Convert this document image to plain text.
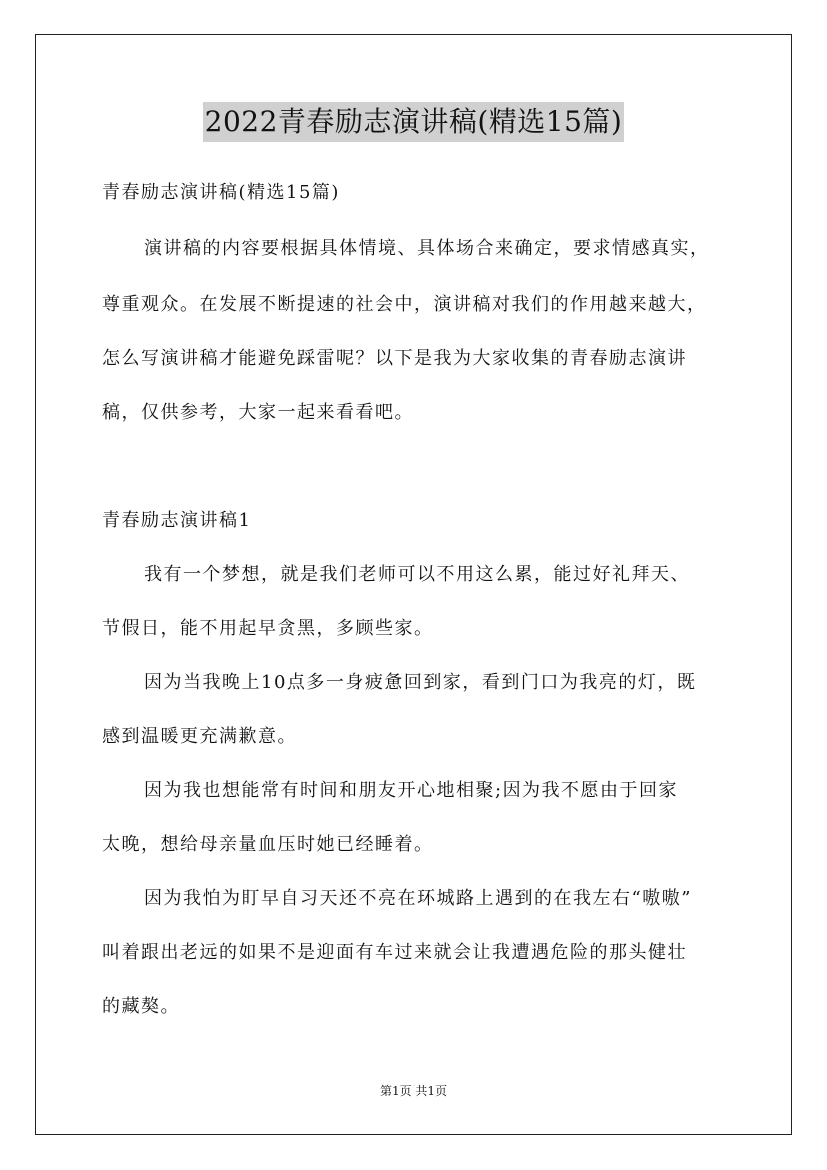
2022青春励志演讲稿(精选15篇)
青春励志演讲稿(精选15篇)
演讲稿的内容要根据具体情境、具体场合来确定，要求情感真实，
尊重观众。在发展不断提速的社会中，演讲稿对我们的作用越来越大，
怎么写演讲稿才能避免踩雷呢？以下是我为大家收集的青春励志演讲
稿，仅供参考，大家一起来看看吧。
青春励志演讲稿1
我有一个梦想，就是我们老师可以不用这么累，能过好礼拜天、
节假日，能不用起早贪黑，多顾些家。
因为当我晚上10点多一身疲惫回到家，看到门口为我亮的灯，既
感到温暖更充满歉意。
因为我也想能常有时间和朋友开心地相聚;因为我不愿由于回家
太晚，想给母亲量血压时她已经睡着。
因为我怕为盯早自习天还不亮在环城路上遇到的在我左右“嗷嗷”
叫着跟出老远的如果不是迎面有车过来就会让我遭遇危险的那头健壮
的藏獒。
第1页 共1页
